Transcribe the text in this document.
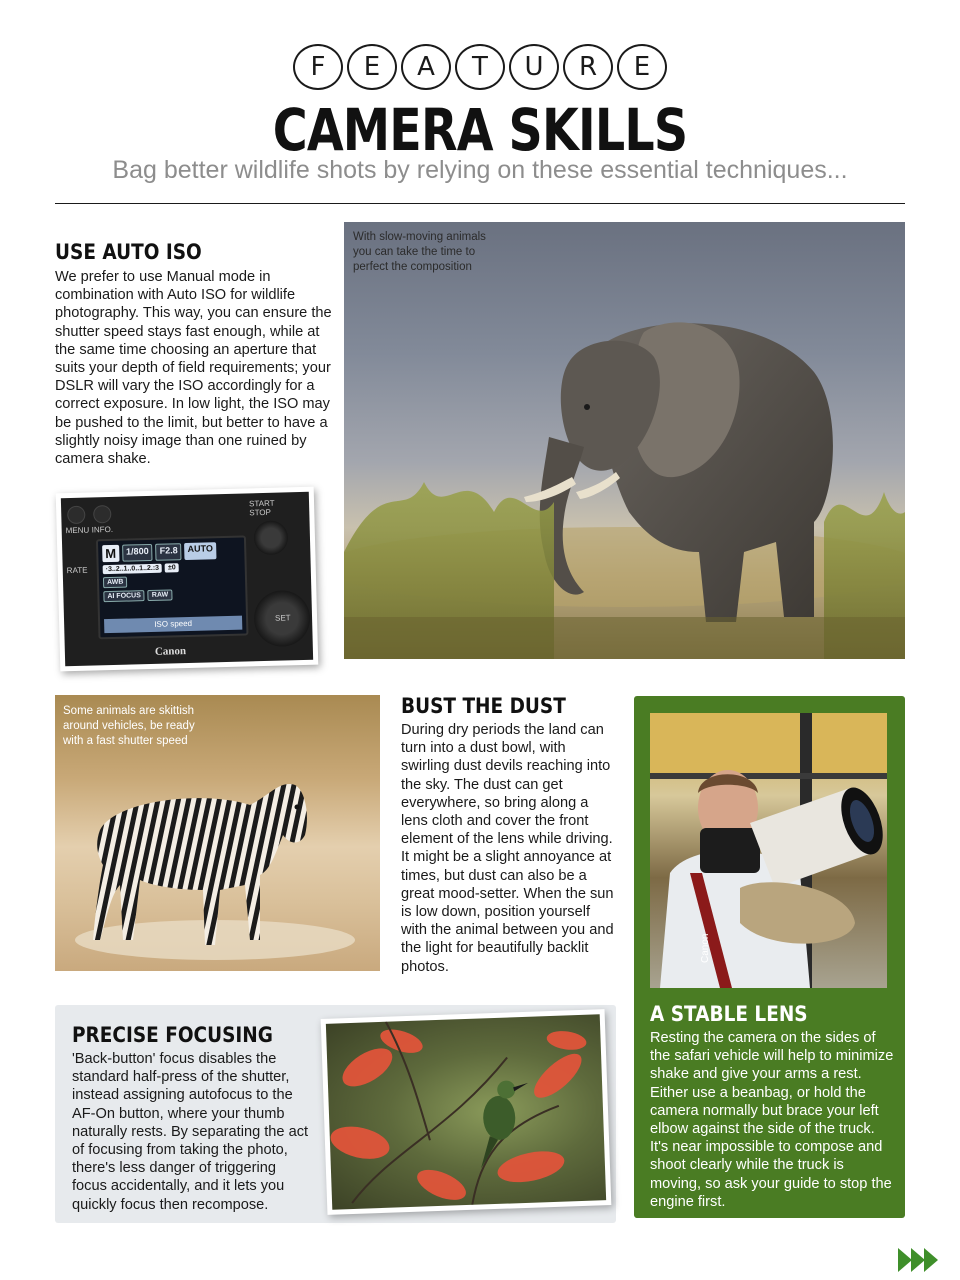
F	E	A	T	U	R	E
CAMERA SKILLS
Bag better wildlife shots by relying on these essential techniques...
USE AUTO ISO

We prefer to use Manual mode in combination with Auto ISO for wildlife photography. This way, you can ensure the shutter speed stays fast enough, while at the same time choosing an aperture that suits your depth of field requirements; your DSLR will vary the ISO accordingly for a correct exposure. In low light, the ISO may be pushed to the limit, but better to have a slightly noisy image than one ruined by camera shake.

MENU INFO.
RATE
START STOP
M	1/800	F2.8	AUTO
·3..2..1..0..1..2.:3	±0
AWB
AI FOCUS	RAW
ISO speed
SET
Canon
With slow-moving animals you can take the time to perfect the composition
Some animals are skittish around vehicles, be ready with a fast shutter speed
BUST THE DUST

During dry periods the land can turn into a dust bowl, with swirling dust devils reaching into the sky. The dust can get everywhere, so bring along a lens cloth and cover the front element of the lens while driving. It might be a slight annoyance at times, but dust can also be a great mood-setter. When the sun is low down, position yourself with the animal between you and the light for beautifully backlit photos.

Canon
A STABLE LENS

Resting the camera on the sides of the safari vehicle will help to minimize shake and give your arms a rest. Either use a beanbag, or hold the camera normally but brace your left elbow against the side of the truck. It's near impossible to compose and shoot clearly while the truck is moving, so ask your guide to stop the engine first.

PRECISE FOCUSING

'Back-button' focus disables the standard half-press of the shutter, instead assigning autofocus to the AF-On button, where your thumb naturally rests. By separating the act of focusing from taking the photo, there's less danger of triggering focus accidentally, and it lets you quickly focus then recompose.
